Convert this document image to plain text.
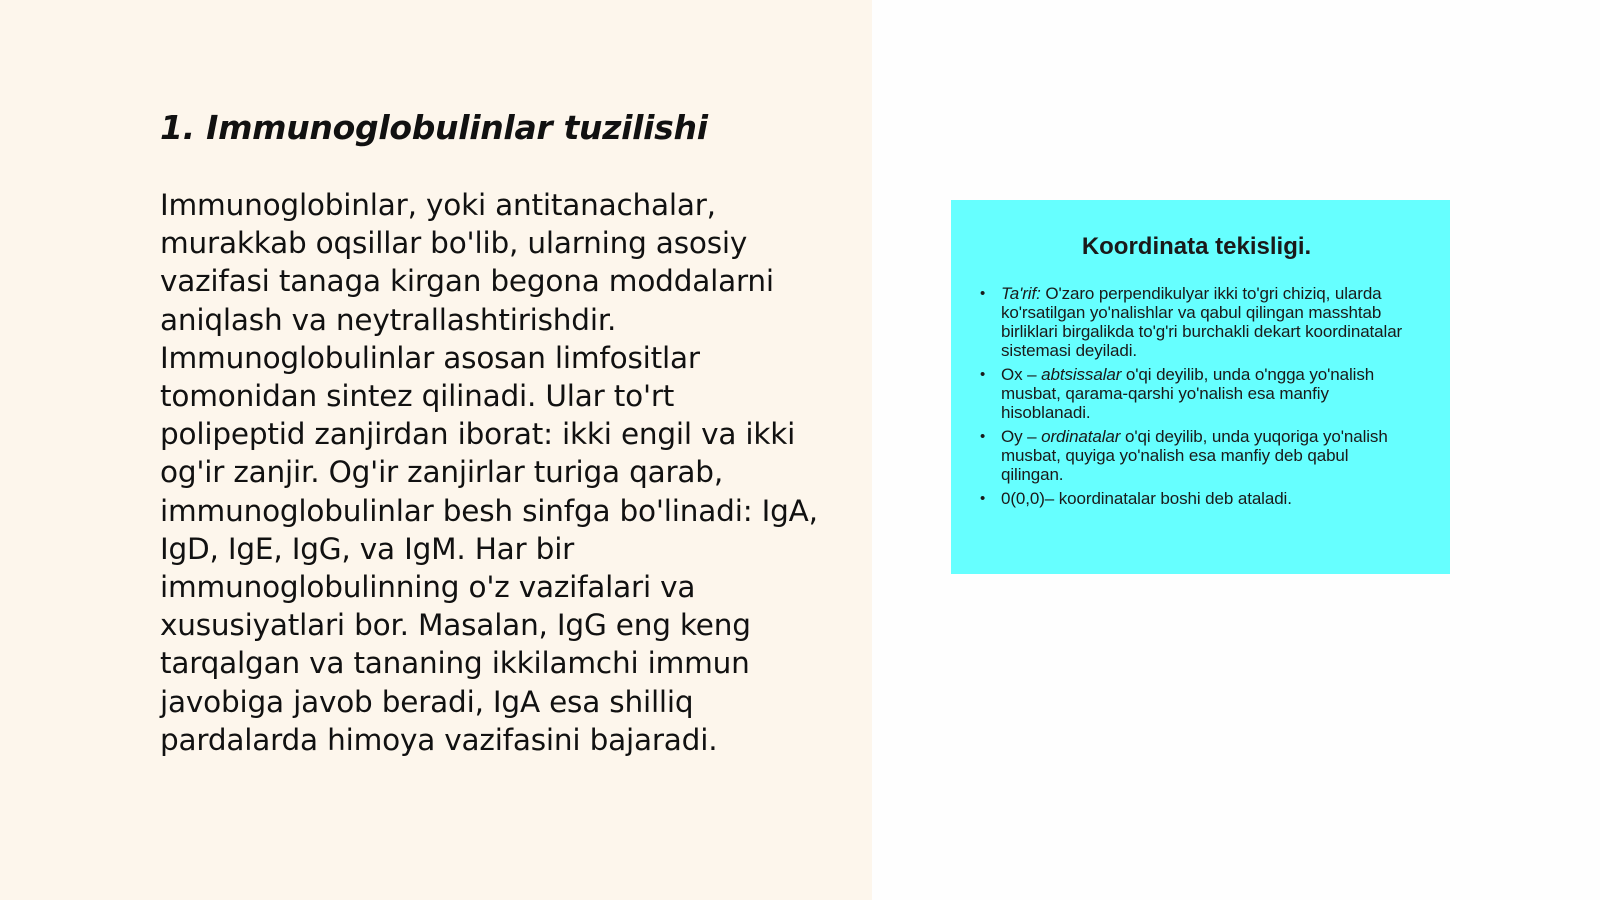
1. Immunoglobulinlar tuzilishi

Immunoglobinlar, yoki antitanachalar, murakkab oqsillar bo'lib, ularning asosiy vazifasi tanaga kirgan begona moddalarni aniqlash va neytrallashtirishdir. Immunoglobulinlar asosan limfositlar tomonidan sintez qilinadi. Ular to'rt polipeptid zanjirdan iborat: ikki engil va ikki og'ir zanjir. Og'ir zanjirlar turiga qarab, immunoglobulinlar besh sinfga bo'linadi: IgA, IgD, IgE, IgG, va IgM. Har bir immunoglobulinning o'z vazifalari va xususiyatlari bor. Masalan, IgG eng keng tarqalgan va tananing ikkilamchi immun javobiga javob beradi, IgA esa shilliq pardalarda himoya vazifasini bajaradi.

Koordinata tekisligi.
• Ta'rif: O'zaro perpendikulyar ikki to'gri chiziq, ularda ko'rsatilgan yo'nalishlar va qabul qilingan masshtab birliklari birgalikda to'g'ri burchakli dekart koordinatalar sistemasi deyiladi.
• Ox – abtsissalar o'qi deyilib, unda o'ngga yo'nalish musbat, qarama-qarshi yo'nalish esa manfiy hisoblanadi.
• Oy – ordinatalar o'qi deyilib, unda yuqoriga yo'nalish musbat, quyiga yo'nalish esa manfiy deb qabul qilingan.
• 0(0,0)– koordinatalar boshi deb ataladi.
